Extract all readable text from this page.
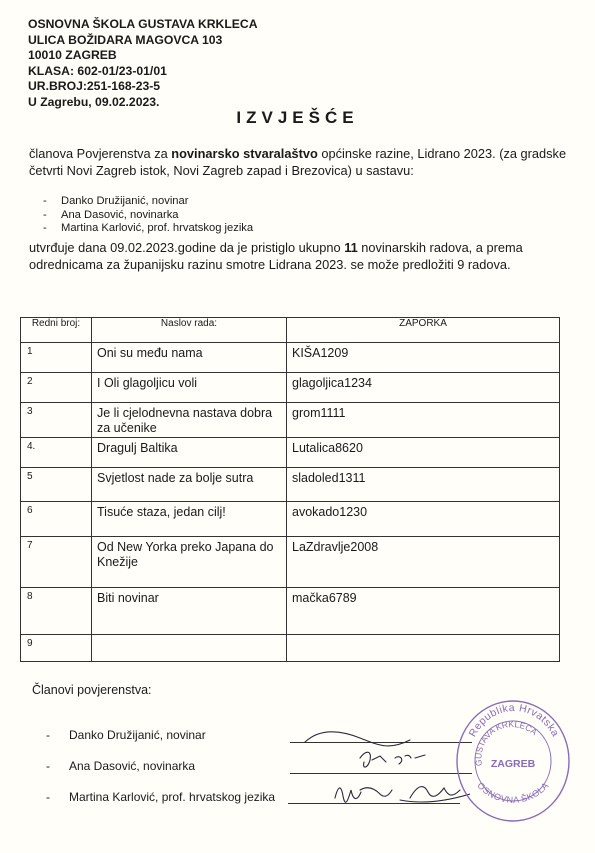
OSNOVNA ŠKOLA GUSTAVA KRKLECA
ULICA BOŽIDARA MAGOVCA 103
10010 ZAGREB
KLASA: 602-01/23-01/01
UR.BROJ:251-168-23-5
U Zagrebu, 09.02.2023.
IZVJEŠĆE
članova Povjerenstva za novinarsko stvaralaštvo općinske razine, Lidrano 2023. (za gradske četvrti Novi Zagreb istok, Novi Zagreb zapad i Brezovica) u sastavu:
- Danko Družijanić, novinar
- Ana Dasović, novinarka
- Martina Karlović, prof. hrvatskog jezika
utvrđuje dana 09.02.2023.godine da je pristiglo ukupno 11 novinarskih radova, a prema odrednicama za županijsku razinu smotre Lidrana 2023. se može predložiti 9 radova.
Redni broj:	Naslov rada:	ZAPORKA
1	Oni su među nama	KIŠA1209
2	I Oli glagoljicu voli	glagoljica1234
3	Je li cjelodnevna nastava dobra za učenike	grom1111
4.	Dragulj Baltika	Lutalica8620
5	Svjetlost nade za bolje sutra	sladoled1311
6	Tisuće staza, jedan cilj!	avokado1230
7	Od New Yorka preko Japana do Knežije	LaZdravlje2008
8	Biti novinar	mačka6789
9		
Članovi povjerenstva:
- Danko Družijanić, novinar
- Ana Dasović, novinarka
- Martina Karlović, prof. hrvatskog jezika
Republika Hrvatska
ZAGREB
OSNOVNA ŠKOLA
GUSTAVA KRKLECA
